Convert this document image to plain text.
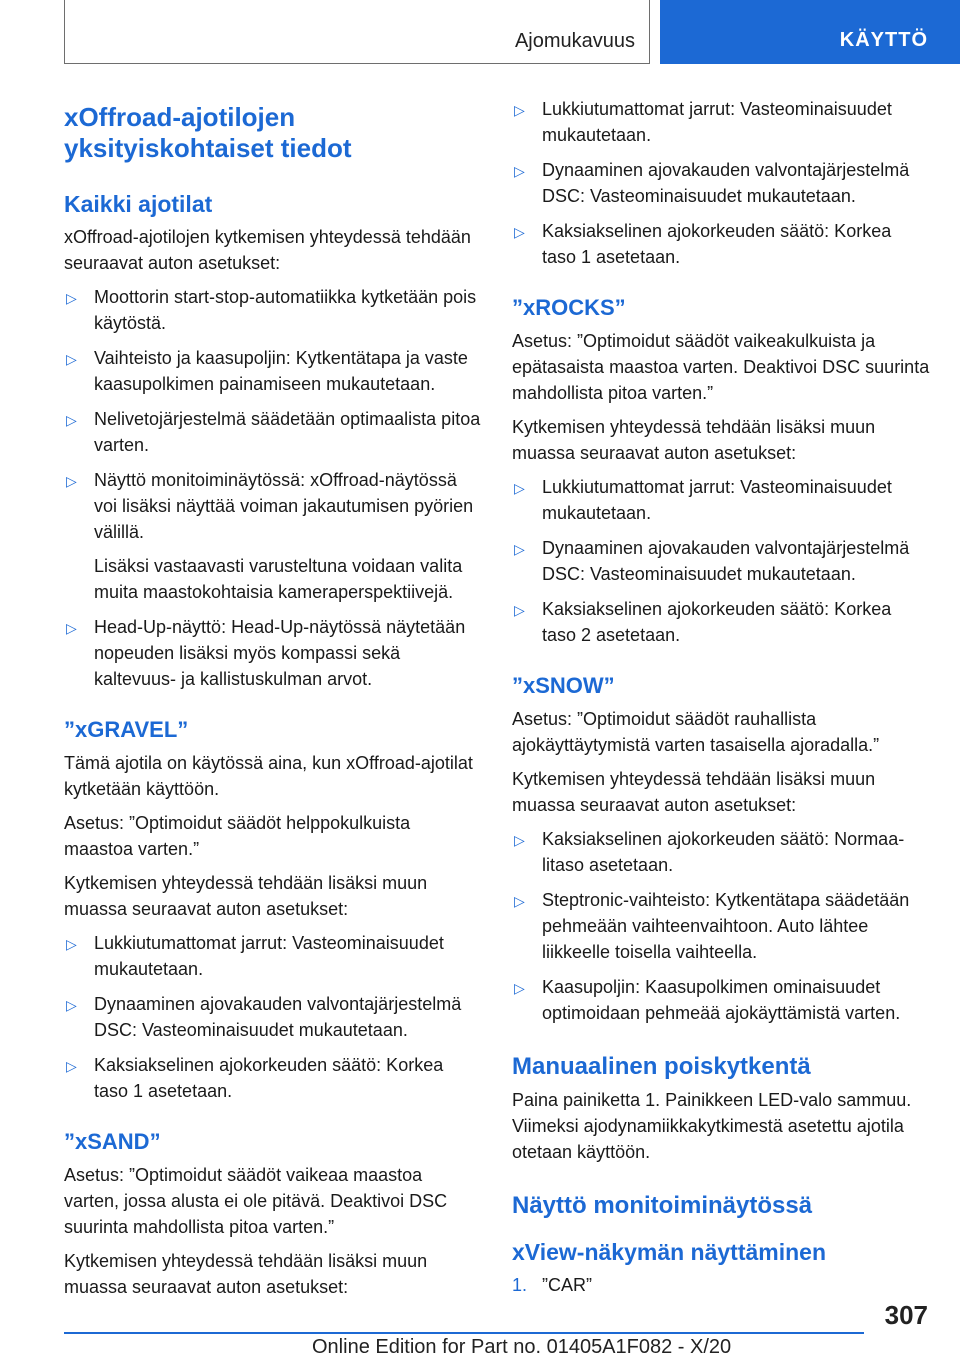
Ajomukavuus	KÄYTTÖ
xOffroad-ajotilojen yksityiskohtaiset tiedot
Kaikki ajotilat

xOffroad-ajotilojen kytkemisen yhteydessä tehdään seuraavat auton asetukset:

▷ Moottorin start-stop-automatiikka kytketään pois käytöstä.
▷ Vaihteisto ja kaasupoljin: Kytkentätapa ja vaste kaasupolkimen painamiseen mukautetaan.
▷ Nelivetojärjestelmä säädetään optimaalista pitoa varten.
▷ Näyttö monitoiminäytössä: xOffroad-näytössä voi lisäksi näyttää voiman jakautumisen pyörien välillä.
Lisäksi vastaavasti varusteltuna voidaan valita muita maastokohtaisia kameraperspektiivejä.
▷ Head-Up-näyttö: Head-Up-näytössä näytetään nopeuden lisäksi myös kompassi sekä kaltevuus- ja kallistuskulman arvot.
”xGRAVEL”

Tämä ajotila on käytössä aina, kun xOffroad-ajotilat kytketään käyttöön.

Asetus: ”Optimoidut säädöt helppokulkuista maastoa varten.”

Kytkemisen yhteydessä tehdään lisäksi muun muassa seuraavat auton asetukset:

▷ Lukkiutumattomat jarrut: Vasteominaisuudet mukautetaan.
▷ Dynaaminen ajovakauden valvontajärjestelmä DSC: Vasteominaisuudet mukautetaan.
▷ Kaksiakselinen ajokorkeuden säätö: Korkea taso 1 asetetaan.
”xSAND”

Asetus: ”Optimoidut säädöt vaikeaa maastoa varten, jossa alusta ei ole pitävä. Deaktivoi DSC suurinta mahdollista pitoa varten.”

Kytkemisen yhteydessä tehdään lisäksi muun muassa seuraavat auton asetukset:

▷ Lukkiutumattomat jarrut: Vasteominaisuudet mukautetaan.
▷ Dynaaminen ajovakauden valvontajärjestelmä DSC: Vasteominaisuudet mukautetaan.
▷ Kaksiakselinen ajokorkeuden säätö: Korkea taso 1 asetetaan.
”xROCKS”

Asetus: ”Optimoidut säädöt vaikeakulkuista ja epätasaista maastoa varten. Deaktivoi DSC suurinta mahdollista pitoa varten.”

Kytkemisen yhteydessä tehdään lisäksi muun muassa seuraavat auton asetukset:

▷ Lukkiutumattomat jarrut: Vasteominaisuudet mukautetaan.
▷ Dynaaminen ajovakauden valvontajärjestelmä DSC: Vasteominaisuudet mukautetaan.
▷ Kaksiakselinen ajokorkeuden säätö: Korkea taso 2 asetetaan.
”xSNOW”

Asetus: ”Optimoidut säädöt rauhallista ajokäyttäytymistä varten tasaisella ajoradalla.”

Kytkemisen yhteydessä tehdään lisäksi muun muassa seuraavat auton asetukset:

▷ Kaksiakselinen ajokorkeuden säätö: Normaalitaso asetetaan.
▷ Steptronic-vaihteisto: Kytkentätapa säädetään pehmeään vaihteenvaihtoon. Auto lähtee liikkeelle toisella vaihteella.
▷ Kaasupoljin: Kaasupolkimen ominaisuudet optimoidaan pehmeää ajokäyttämistä varten.
Manuaalinen poiskytkentä

Paina painiketta 1. Painikkeen LED-valo sammuu. Viimeksi ajodynamiikkakytkimestä asetettu ajotila otetaan käyttöön.

Näyttö monitoiminäytössä
xView-näkymän näyttäminen
1. ”CAR”
307
Online Edition for Part no. 01405A1F082 - X/20
